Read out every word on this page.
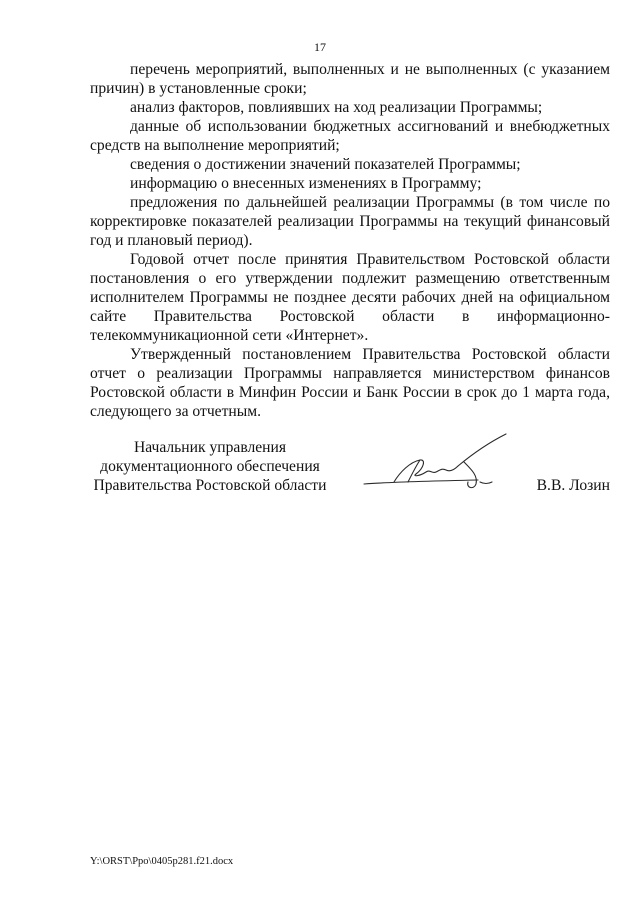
17

перечень мероприятий, выполненных и не выполненных (с указанием причин) в установленные сроки;

анализ факторов, повлиявших на ход реализации Программы;

данные об использовании бюджетных ассигнований и внебюджетных средств на выполнение мероприятий;

сведения о достижении значений показателей Программы;

информацию о внесенных изменениях в Программу;

предложения по дальнейшей реализации Программы (в том числе по корректировке показателей реализации Программы на текущий финансовый год и плановый период).

Годовой отчет после принятия Правительством Ростовской области постановления о его утверждении подлежит размещению ответственным исполнителем Программы не позднее десяти рабочих дней на официальном сайте Правительства Ростовской области в информационно-телекоммуникационной сети «Интернет».

Утвержденный постановлением Правительства Ростовской области отчет о реализации Программы направляется министерством финансов Ростовской области в Минфин России и Банк России в срок до 1 марта года, следующего за отчетным.

Начальник управления
документационного обеспечения
Правительства Ростовской области	В.В. Лозин
Y:\ORST\Ppo\0405p281.f21.docx
